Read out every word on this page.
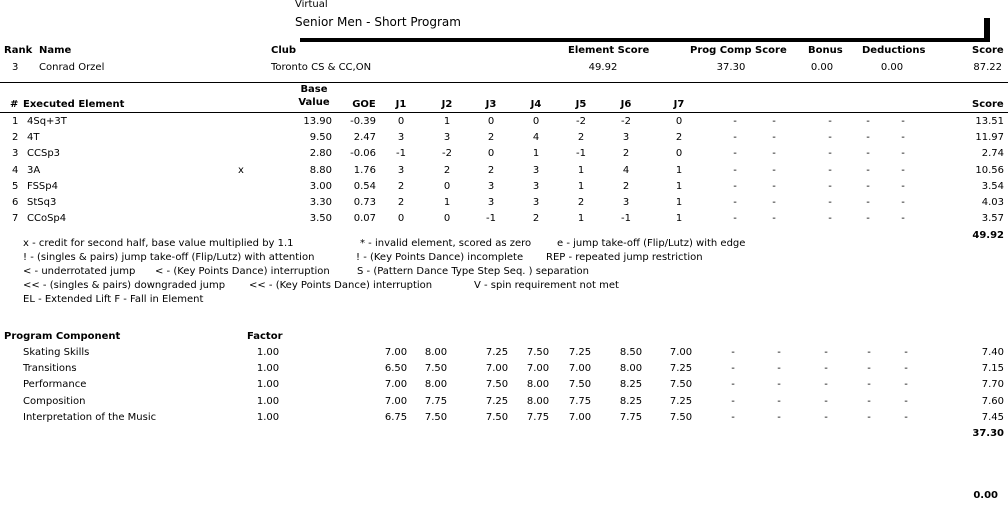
Virtual
Senior Men - Short Program
Rank Name	Club	Element Score	Prog Comp Score Bonus Deductions	Score
3 Conrad Orzel	Toronto CS & CC,ON	49.92	37.30	0.00	0.00	87.22
# Executed Element
Base
Value	GOE	J1	J2	J3	J4	J5	J6	J7	Score
1 4Sq+3T	13.90	-0.39	0	1	0	0	-2	-2	0	-	-	-	-	-	13.51
2 4T	9.50	2.47	3	3	2	4	2	3	2	-	-	-	-	-	11.97
3 CCSp3	2.80	-0.06	-1	-2	0	1	-1	2	0	-	-	-	-	-	2.74
4 3A	x	8.80	1.76	3	2	2	3	1	4	1	-	-	-	-	-	10.56
5 FSSp4	3.00	0.54	2	0	3	3	1	2	1	-	-	-	-	-	3.54
6 StSq3	3.30	0.73	2	1	3	3	2	3	1	-	-	-	-	-	4.03
7 CCoSp4	3.50	0.07	0	0	-1	2	1	-1	1	-	-	-	-	-	3.57
49.92
x - credit for second half, base value multiplied by 1.1	* - invalid element, scored as zero	e - jump take-off (Flip/Lutz) with edge
! - (singles & pairs) jump take-off (Flip/Lutz) with attention	! - (Key Points Dance) incomplete REP - repeated jump restriction
< - underrotated jump < - (Key Points Dance) interruption	S - (Pattern Dance Type Step Seq. ) separation
<< - (singles & pairs) downgraded jump << - (Key Points Dance) interruption	V - spin requirement not met
EL - Extended Lift F - Fall in Element
Program Component	Factor
Skating Skills	1.00	7.00	8.00	7.25	7.50	7.25	8.50	7.00	-	-	-	-	-	7.40
Transitions	1.00	6.50	7.50	7.00	7.00	7.00	8.00	7.25	-	-	-	-	-	7.15
Performance	1.00	7.00	8.00	7.50	8.00	7.50	8.25	7.50	-	-	-	-	-	7.70
Composition	1.00	7.00	7.75	7.25	8.00	7.75	8.25	7.25	-	-	-	-	-	7.60
Interpretation of the Music	1.00	6.75	7.50	7.50	7.75	7.00	7.75	7.50	-	-	-	-	-	7.45
37.30
0.00
